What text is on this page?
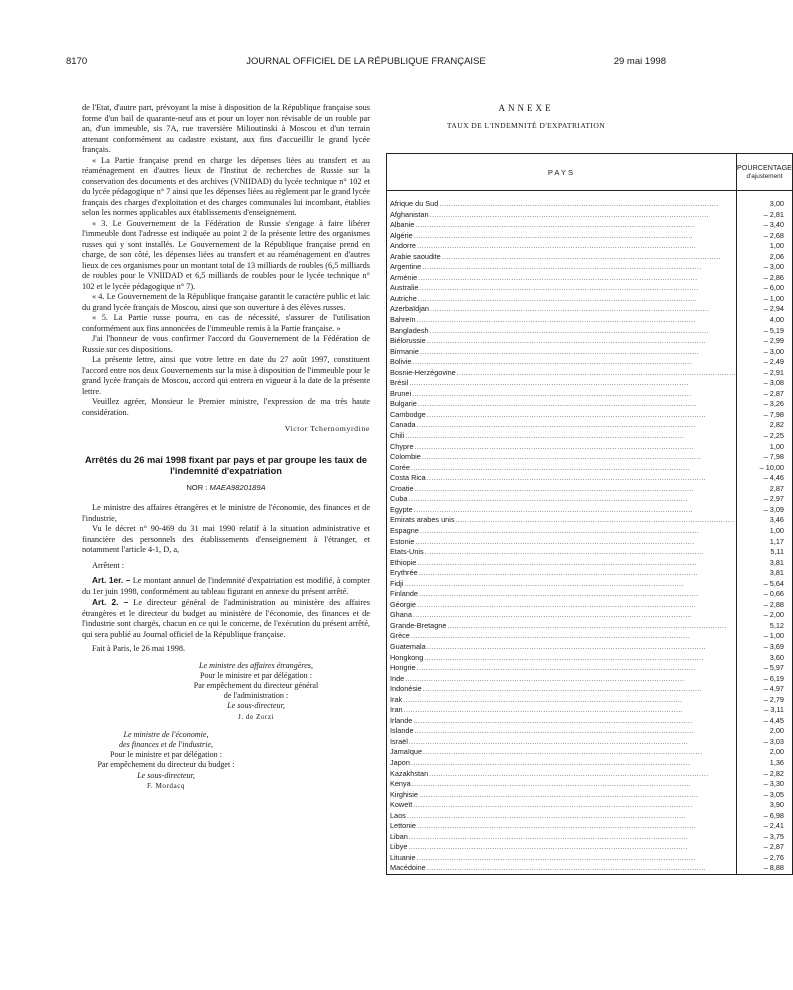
8170	JOURNAL OFFICIEL DE LA RÉPUBLIQUE FRANÇAISE	29 mai 1998

de l'Etat, d'autre part, prévoyant la mise à disposition de la République française sous forme d'un bail de quarante-neuf ans et pour un loyer non révisable de un rouble par an, d'un immeuble, sis 7A, rue traversière Milioutinski à Moscou et d'un terrain attenant conformément au cadastre existant, aux fins d'accueillir le grand lycée français.

« La Partie française prend en charge les dépenses liées au transfert et au réaménagement en d'autres lieux de l'Institut de recherches de Russie sur la conservation des documents et des archives (VNIIDAD) du lycée technique n° 102 et du lycée pédagogique n° 7 ainsi que les dépenses liées au règlement par le grand lycée français des charges d'exploitation et des charges communales lui incombant, établies selon les normes applicables aux établissements d'enseignement.

« 3. Le Gouvernement de la Fédération de Russie s'engage à faire libérer l'immeuble dont l'adresse est indiquée au point 2 de la présente lettre des organismes russes qui y sont installés. Le Gouvernement de la République française prend en charge, de son côté, les dépenses liées au transfert et au réaménagement en d'autres lieux de ces organismes pour un montant total de 13 milliards de roubles (6,5 milliards de roubles pour le VNIIDAD et 6,5 milliards de roubles pour le lycée technique n° 102 et le lycée pédagogique n° 7).

« 4. Le Gouvernement de la République française garantit le caractère public et laïc du grand lycée français de Moscou, ainsi que son ouverture à des élèves russes.

« 5. La Partie russe pourra, en cas de nécessité, s'assurer de l'utilisation conformément aux fins annoncées de l'immeuble remis à la Partie française. »

J'ai l'honneur de vous confirmer l'accord du Gouvernement de la Fédération de Russie sur ces dispositions.

La présente lettre, ainsi que votre lettre en date du 27 août 1997, constituent l'accord entre nos deux Gouvernements sur la mise à disposition de l'immeuble pour le grand lycée français de Moscou, accord qui entrera en vigueur à la date de la présente lettre.

Veuillez agréer, Monsieur le Premier ministre, l'expression de ma très haute considération.

Victor Tchernomyrdine

Arrêtés du 26 mai 1998 fixant par pays et par groupe les taux de l'indemnité d'expatriation
NOR : MAEA9820189A

Le ministre des affaires étrangères et le ministre de l'économie, des finances et de l'industrie,

Vu le décret n° 90-469 du 31 mai 1990 relatif à la situation administrative et financière des personnels des établissements d'enseignement à l'étranger, et notamment l'article 4-1, D, a,

Arrêtent :

Art. 1er. – Le montant annuel de l'indemnité d'expatriation est modifié, à compter du 1er juin 1998, conformément au tableau figurant en annexe du présent arrêté.

Art. 2. – Le directeur général de l'administration au ministère des affaires étrangères et le directeur du budget au ministère de l'économie, des finances et de l'industrie sont chargés, chacun en ce qui le concerne, de l'exécution du présent arrêté, qui sera publié au Journal officiel de la République française.

Fait à Paris, le 26 mai 1998.

Le ministre des affaires étrangères,
Pour le ministre et par délégation :
Par empêchement du directeur général
de l'administration :
Le sous-directeur,
J. de Zorzi
Le ministre de l'économie,
des finances et de l'industrie,
Pour le ministre et par délégation :
Par empêchement du directeur du budget :
Le sous-directeur,
F. Mordacq
ANNEXE
TAUX DE L'INDEMNITÉ D'EXPATRIATION
PAYS	POURCENTAGE
d'ajustement
Afrique du Sud........................................................................................................................	3,00
Afghanistan........................................................................................................................	– 2,81
Albanie........................................................................................................................	– 3,40
Algérie........................................................................................................................	– 2,68
Andorre........................................................................................................................	1,00
Arabie saoudite........................................................................................................................	2,06
Argentine........................................................................................................................	– 3,00
Arménie........................................................................................................................	– 2,86
Australie........................................................................................................................	– 6,00
Autriche........................................................................................................................	– 1,00
Azerbaïdjan........................................................................................................................	– 2,94
Bahreïn........................................................................................................................	4,00
Bangladesh........................................................................................................................	– 5,19
Biélorussie........................................................................................................................	– 2,99
Birmanie........................................................................................................................	– 3,00
Bolivie........................................................................................................................	– 2,49
Bosnie-Herzégovine........................................................................................................................	– 2,91
Brésil........................................................................................................................	– 3,08
Brunei........................................................................................................................	– 2,87
Bulgarie........................................................................................................................	– 3,26
Cambodge........................................................................................................................	– 7,98
Canada........................................................................................................................	2,82
Chili........................................................................................................................	– 2,25
Chypre........................................................................................................................	1,00
Colombie........................................................................................................................	– 7,98
Corée........................................................................................................................	– 10,00
Costa Rica........................................................................................................................	– 4,46
Croatie........................................................................................................................	2,87
Cuba........................................................................................................................	– 2,97
Egypte........................................................................................................................	– 3,09
Emirats arabes unis........................................................................................................................	3,46
Espagne........................................................................................................................	1,00
Estonie........................................................................................................................	1,17
Etats-Unis........................................................................................................................	5,11
Ethiopie........................................................................................................................	3,81
Erythrée........................................................................................................................	3,81
Fidji........................................................................................................................	– 5,64
Finlande........................................................................................................................	– 0,66
Géorgie........................................................................................................................	– 2,88
Ghana........................................................................................................................	– 2,00
Grande-Bretagne........................................................................................................................	5,12
Grèce........................................................................................................................	– 1,00
Guatemala........................................................................................................................	– 3,69
Hongkong........................................................................................................................	3,60
Hongrie........................................................................................................................	– 5,97
Inde........................................................................................................................	– 6,19
Indonésie........................................................................................................................	– 4,97
Irak........................................................................................................................	– 2,79
Iran........................................................................................................................	– 3,11
Irlande........................................................................................................................	– 4,45
Islande........................................................................................................................	2,00
Israël........................................................................................................................	– 3,03
Jamaïque........................................................................................................................	2,00
Japon........................................................................................................................	1,36
Kazakhstan........................................................................................................................	– 2,82
Kenya........................................................................................................................	– 3,30
Kirghisie........................................................................................................................	– 3,05
Koweït........................................................................................................................	3,90
Laos........................................................................................................................	– 6,98
Lettonie........................................................................................................................	– 2,41
Liban........................................................................................................................	– 3,75
Libye........................................................................................................................	– 2,87
Lituanie........................................................................................................................	– 2,76
Macédoine........................................................................................................................	– 8,88
